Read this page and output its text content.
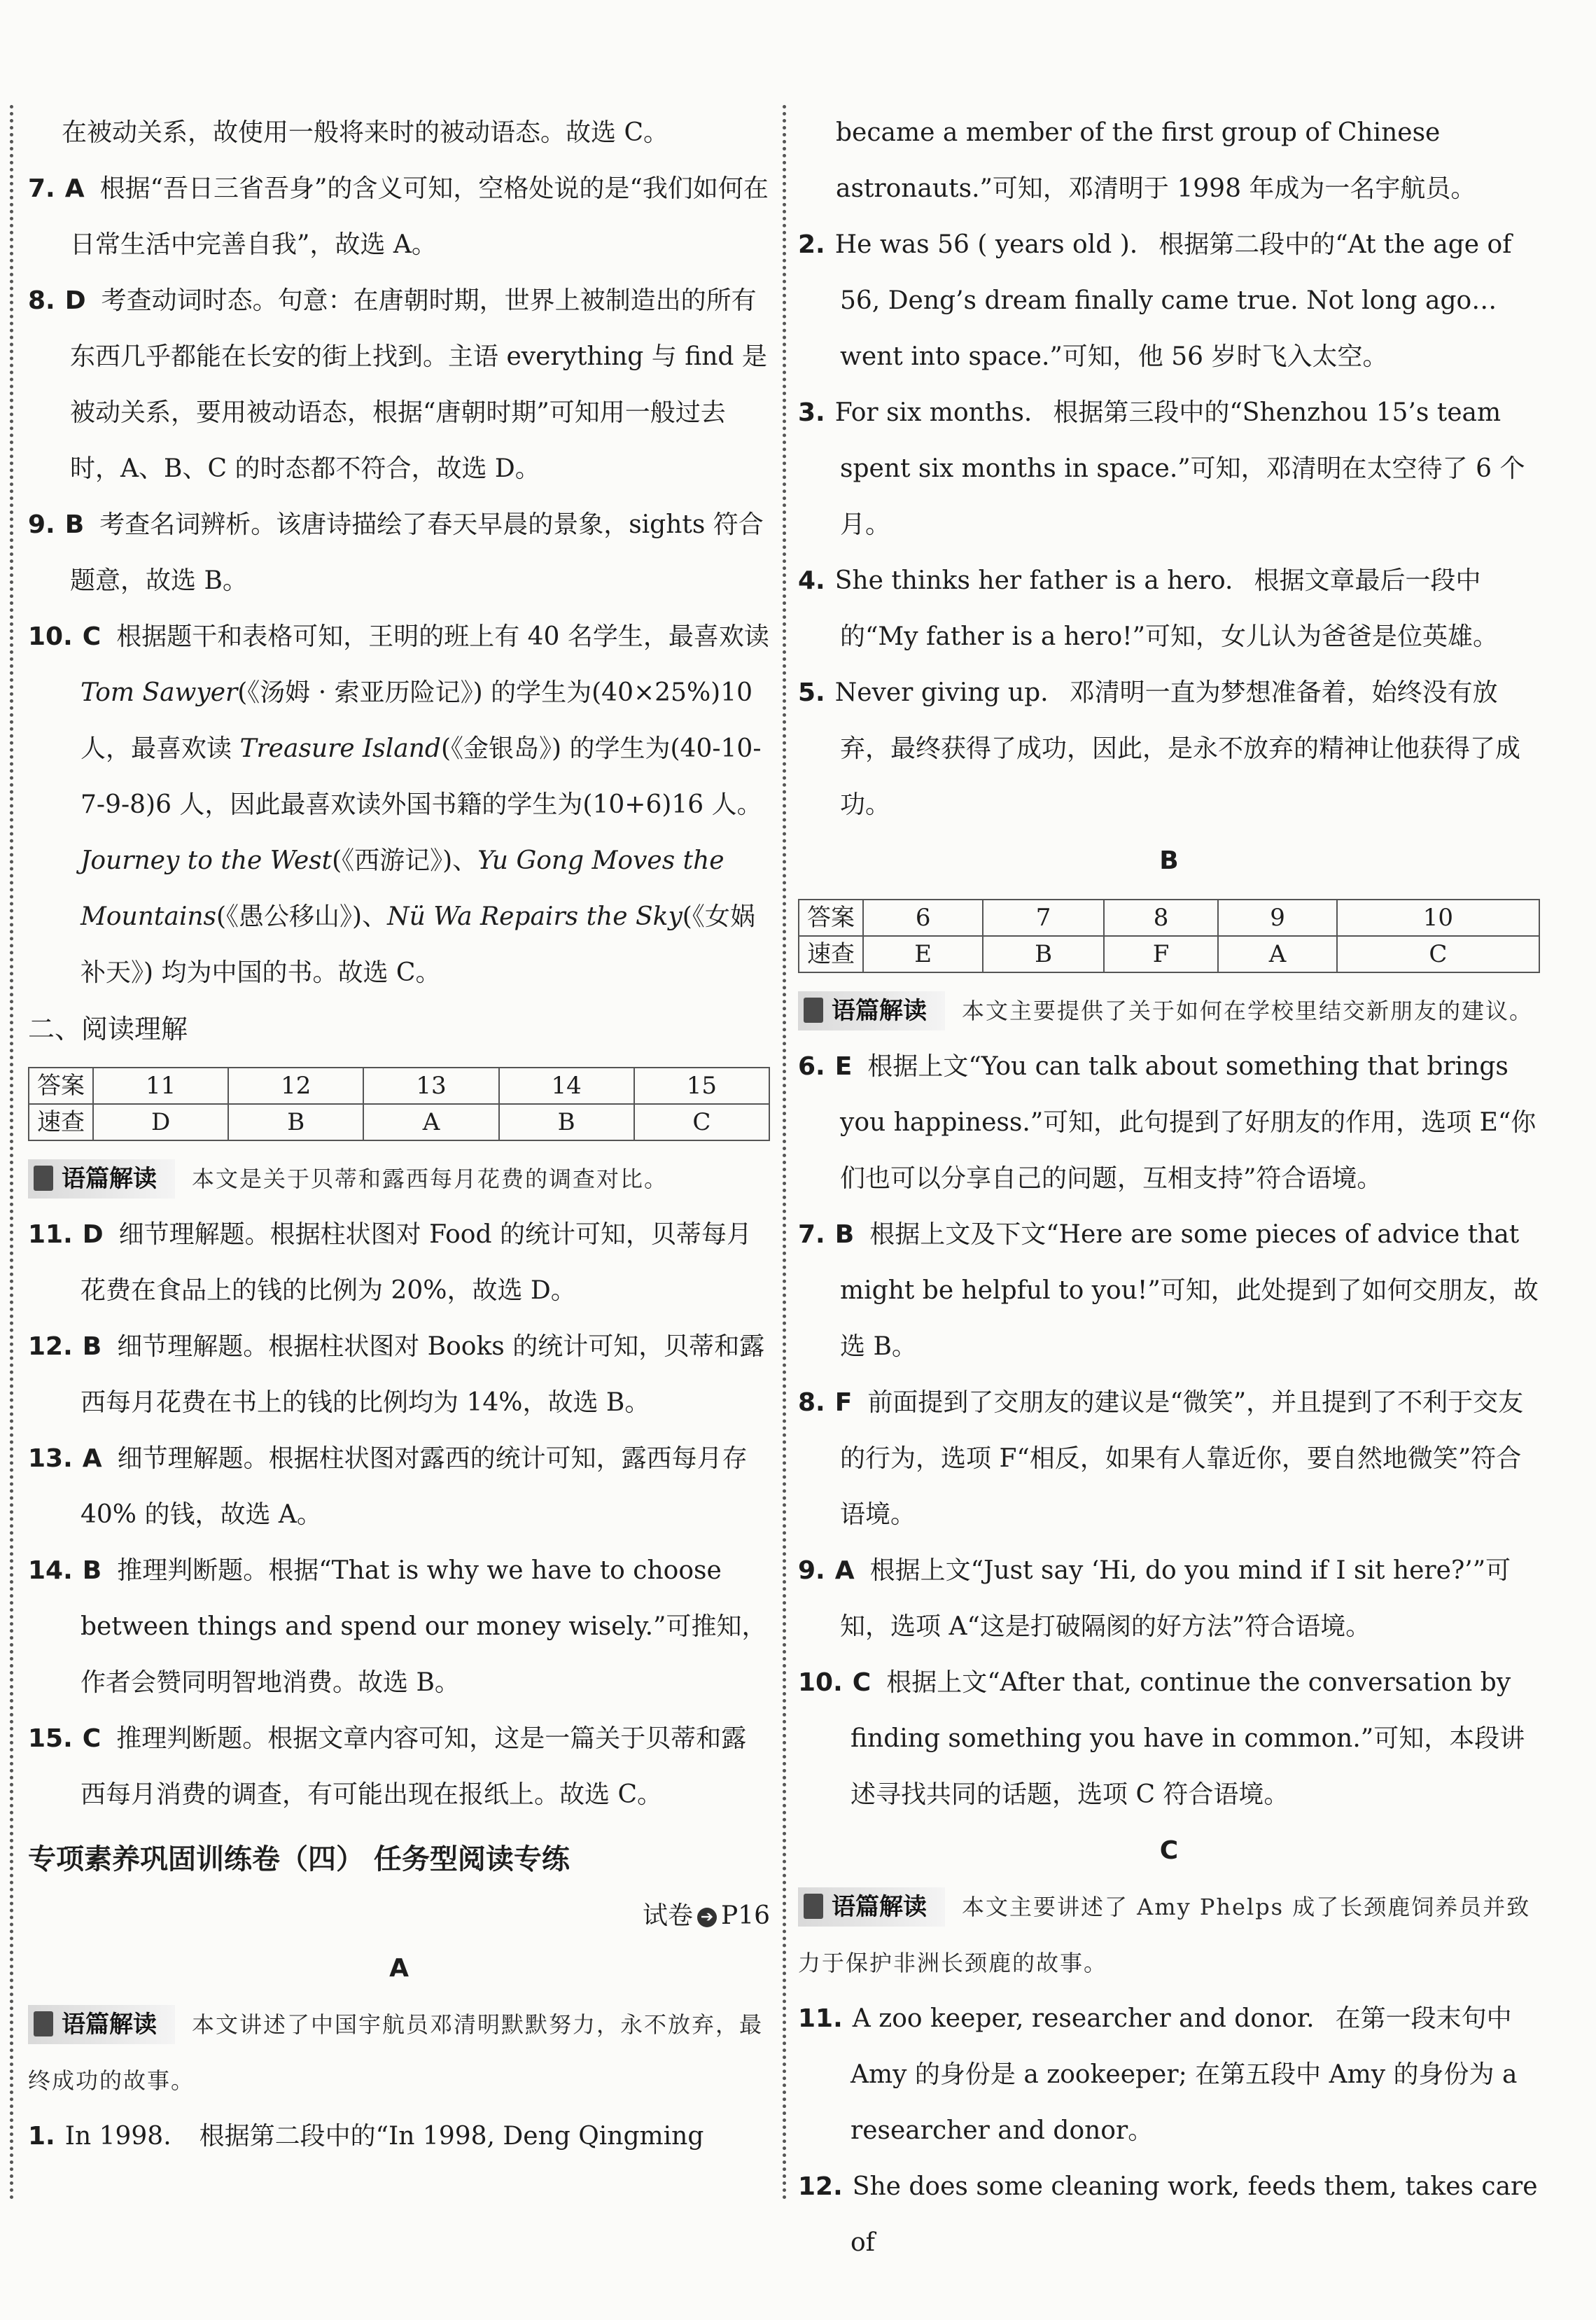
在被动关系，故使用一般将来时的被动语态。故选 C。

7. A 根据“吾日三省吾身”的含义可知，空格处说的是“我们如何在日常生活中完善自我”，故选 A。

8. D 考查动词时态。句意：在唐朝时期，世界上被制造出的所有东西几乎都能在长安的街上找到。主语 everything 与 find 是被动关系，要用被动语态，根据“唐朝时期”可知用一般过去时，A、B、C 的时态都不符合，故选 D。

9. B 考查名词辨析。该唐诗描绘了春天早晨的景象，sights 符合题意，故选 B。

10. C 根据题干和表格可知，王明的班上有 40 名学生，最喜欢读 Tom Sawyer(《汤姆 · 索亚历险记》) 的学生为(40×25%)10 人，最喜欢读 Treasure Island(《金银岛》) 的学生为(40-10-7-9-8)6 人，因此最喜欢读外国书籍的学生为(10+6)16 人。Journey to the West(《西游记》)、Yu Gong Moves the Mountains(《愚公移山》)、Nü Wa Repairs the Sky(《女娲补天》) 均为中国的书。故选 C。

二、阅读理解

答案	11	12	13	14	15
速查	D	B	A	B	C

语篇解读 本文是关于贝蒂和露西每月花费的调查对比。

11. D 细节理解题。根据柱状图对 Food 的统计可知，贝蒂每月花费在食品上的钱的比例为 20%，故选 D。

12. B 细节理解题。根据柱状图对 Books 的统计可知，贝蒂和露西每月花费在书上的钱的比例均为 14%，故选 B。

13. A 细节理解题。根据柱状图对露西的统计可知，露西每月存 40% 的钱，故选 A。

14. B 推理判断题。根据“That is why we have to choose between things and spend our money wisely.”可推知，作者会赞同明智地消费。故选 B。

15. C 推理判断题。根据文章内容可知，这是一篇关于贝蒂和露西每月消费的调查，有可能出现在报纸上。故选 C。

专项素养巩固训练卷（四） 任务型阅读专练

试卷 ➔ P16

A

语篇解读 本文讲述了中国宇航员邓清明默默努力，永不放弃，最终成功的故事。

1. In 1998. 根据第二段中的“In 1998, Deng Qingming

became a member of the first group of Chinese astronauts.”可知，邓清明于 1998 年成为一名宇航员。

2. He was 56 ( years old ). 根据第二段中的“At the age of 56, Deng’s dream finally came true. Not long ago…went into space.”可知，他 56 岁时飞入太空。

3. For six months. 根据第三段中的“Shenzhou 15’s team spent six months in space.”可知，邓清明在太空待了 6 个月。

4. She thinks her father is a hero. 根据文章最后一段中的“My father is a hero!”可知，女儿认为爸爸是位英雄。

5. Never giving up. 邓清明一直为梦想准备着，始终没有放弃，最终获得了成功，因此，是永不放弃的精神让他获得了成功。

B

答案	6	7	8	9	10
速查	E	B	F	A	C

语篇解读 本文主要提供了关于如何在学校里结交新朋友的建议。

6. E 根据上文“You can talk about something that brings you happiness.”可知，此句提到了好朋友的作用，选项 E“你们也可以分享自己的问题，互相支持”符合语境。

7. B 根据上文及下文“Here are some pieces of advice that might be helpful to you!”可知，此处提到了如何交朋友，故选 B。

8. F 前面提到了交朋友的建议是“微笑”，并且提到了不利于交友的行为，选项 F“相反，如果有人靠近你，要自然地微笑”符合语境。

9. A 根据上文“Just say ‘Hi, do you mind if I sit here?’”可知，选项 A“这是打破隔阂的好方法”符合语境。

10. C 根据上文“After that, continue the conversation by finding something you have in common.”可知，本段讲述寻找共同的话题，选项 C 符合语境。

C

语篇解读 本文主要讲述了 Amy Phelps 成了长颈鹿饲养员并致力于保护非洲长颈鹿的故事。

11. A zoo keeper, researcher and donor. 在第一段末句中 Amy 的身份是 a zookeeper; 在第五段中 Amy 的身份为 a researcher and donor。

12. She does some cleaning work, feeds them, takes care of
